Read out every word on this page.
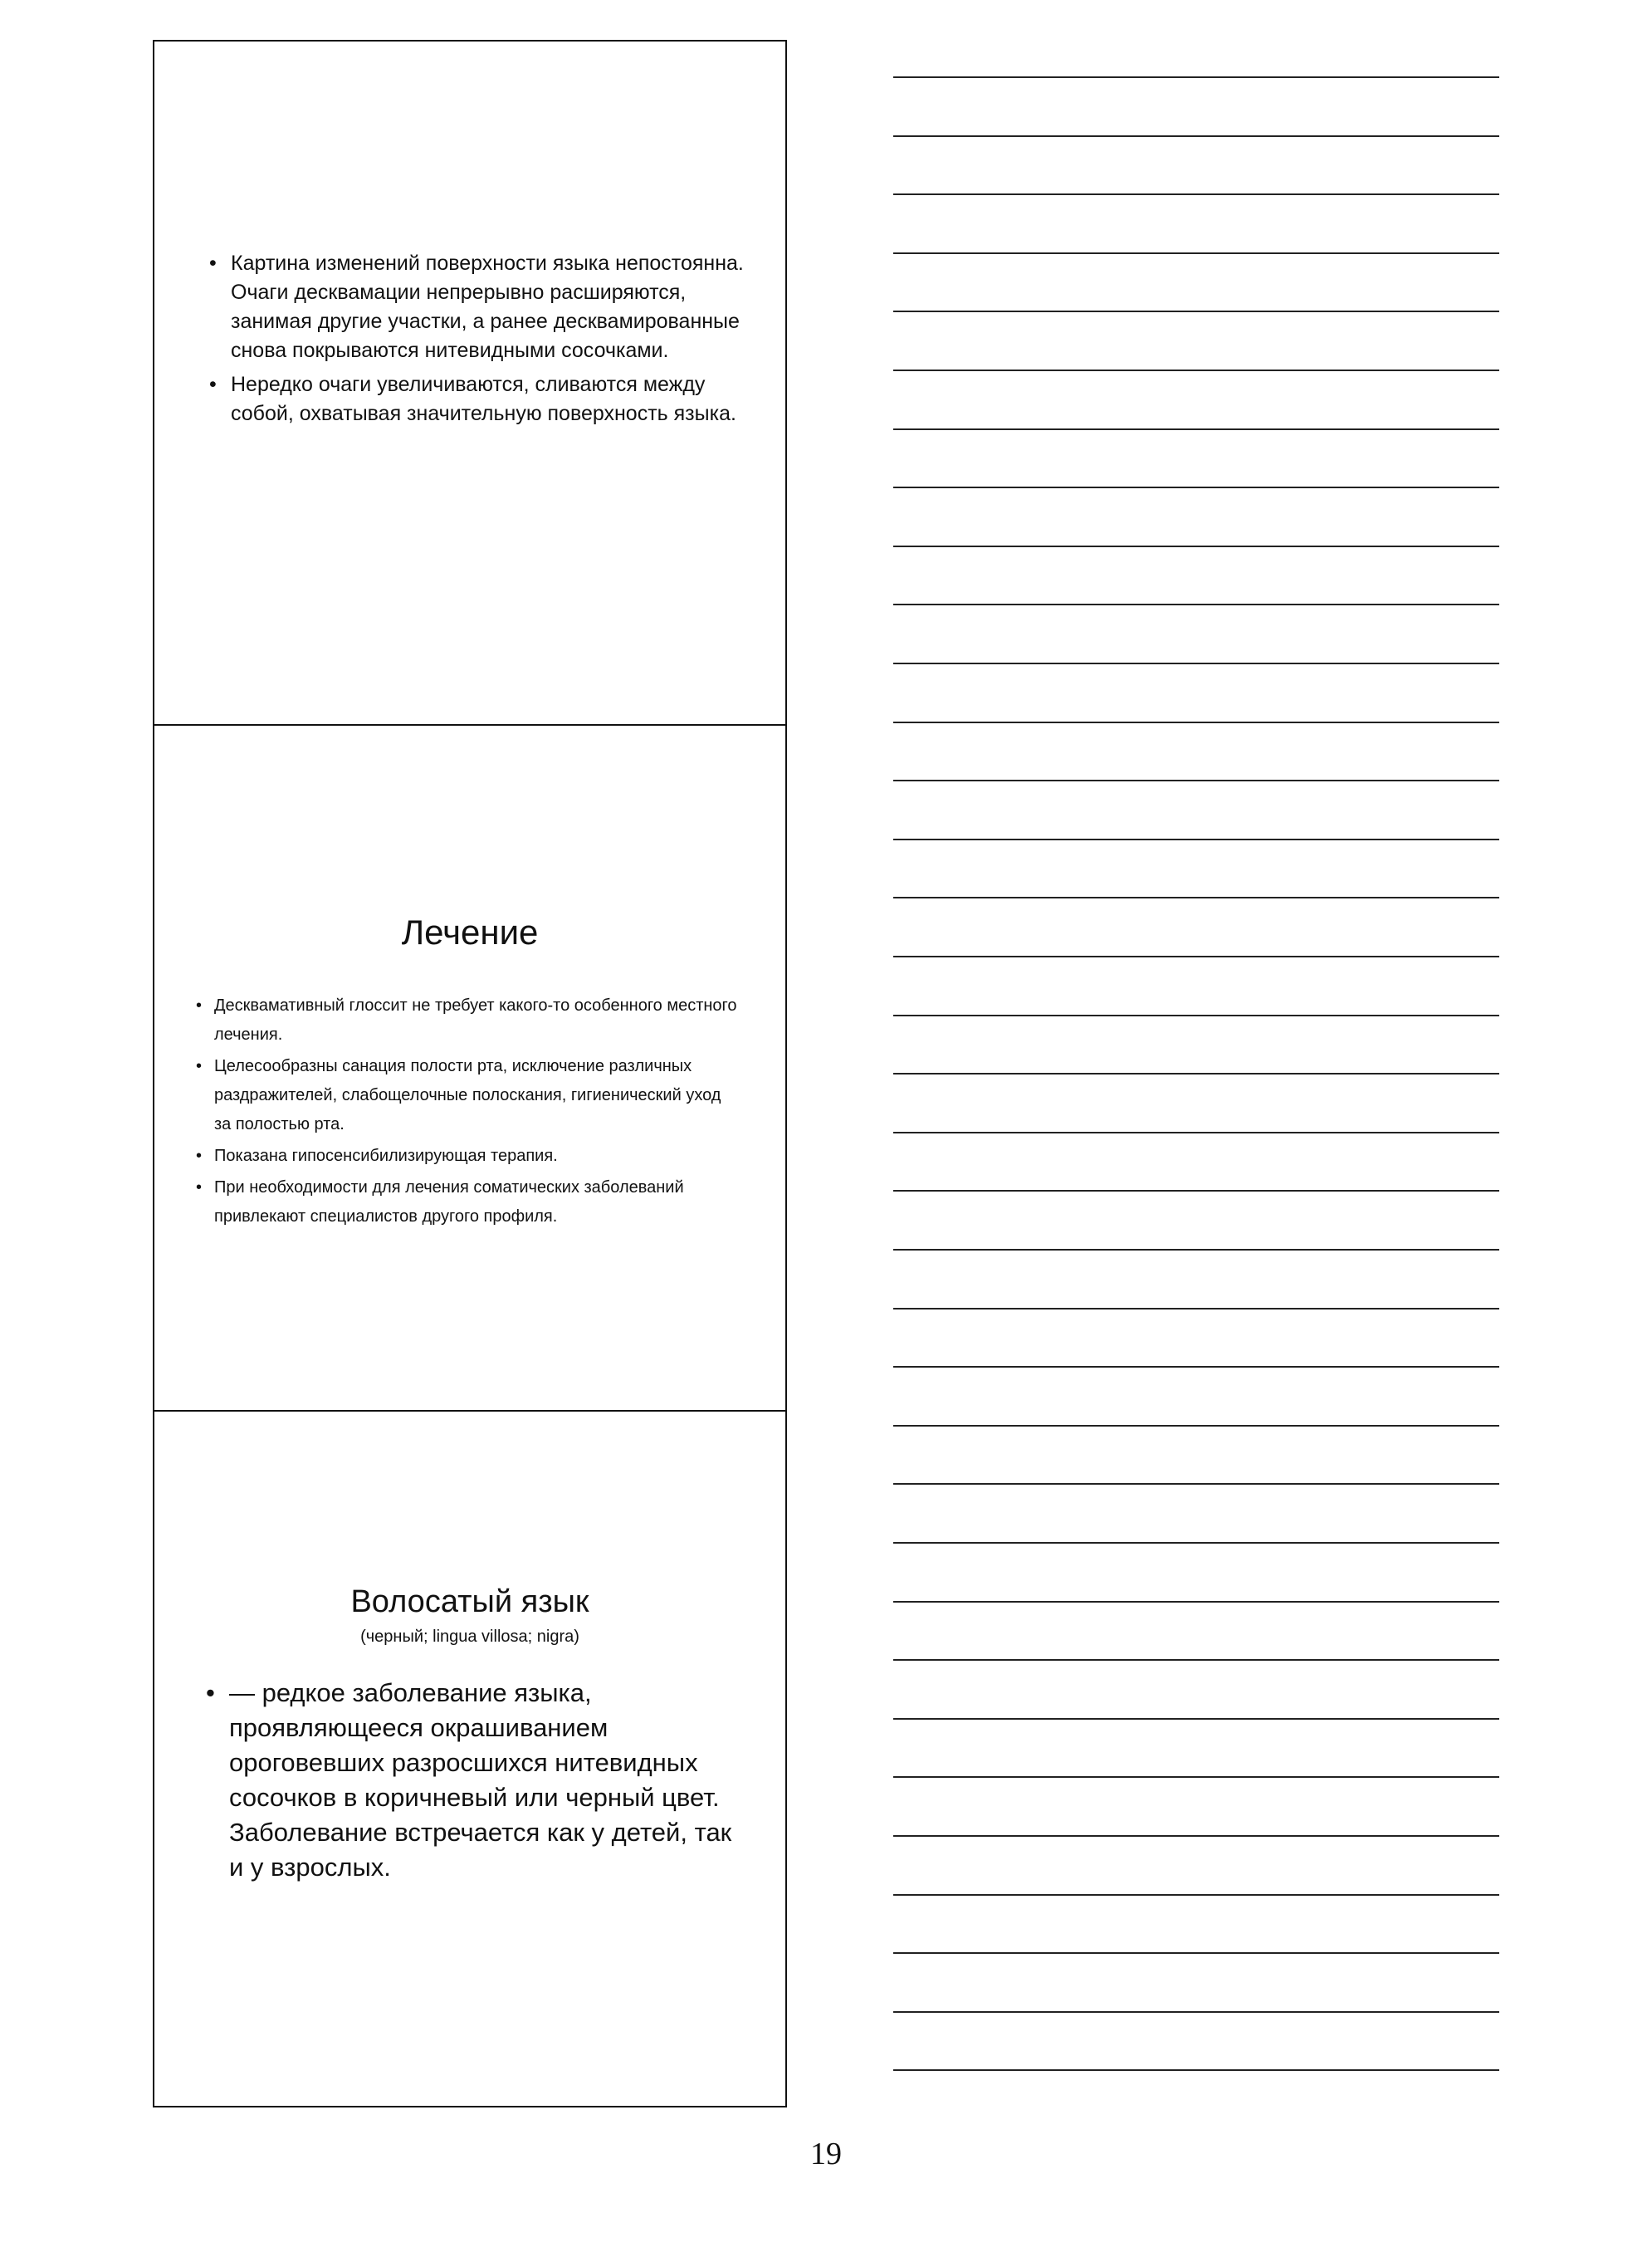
• Картина изменений поверхности языка непостоянна. Очаги десквамации непрерывно расширяются, занимая другие участки, а ранее десквамированные снова покрываются нитевидными сосочками.
• Нередко очаги увеличиваются, сливаются между собой, охватывая значительную поверхность языка.
Лечение
• Десквамативный глоссит не требует какого-то особенного местного лечения.
• Целесообразны санация полости рта, исключение различных раздражителей, слабощелочные полоскания, гигиенический уход за полостью рта.
• Показана гипосенсибилизирующая терапия.
• При необходимости для лечения соматических заболеваний привлекают специалистов другого профиля.
Волосатый язык
(черный; lingua villosa; nigra)
• — редкое заболевание языка, проявляющееся окрашиванием ороговевших разросшихся нитевидных сосочков в коричневый или черный цвет. Заболевание встречается как у детей, так и у взрослых.
19
